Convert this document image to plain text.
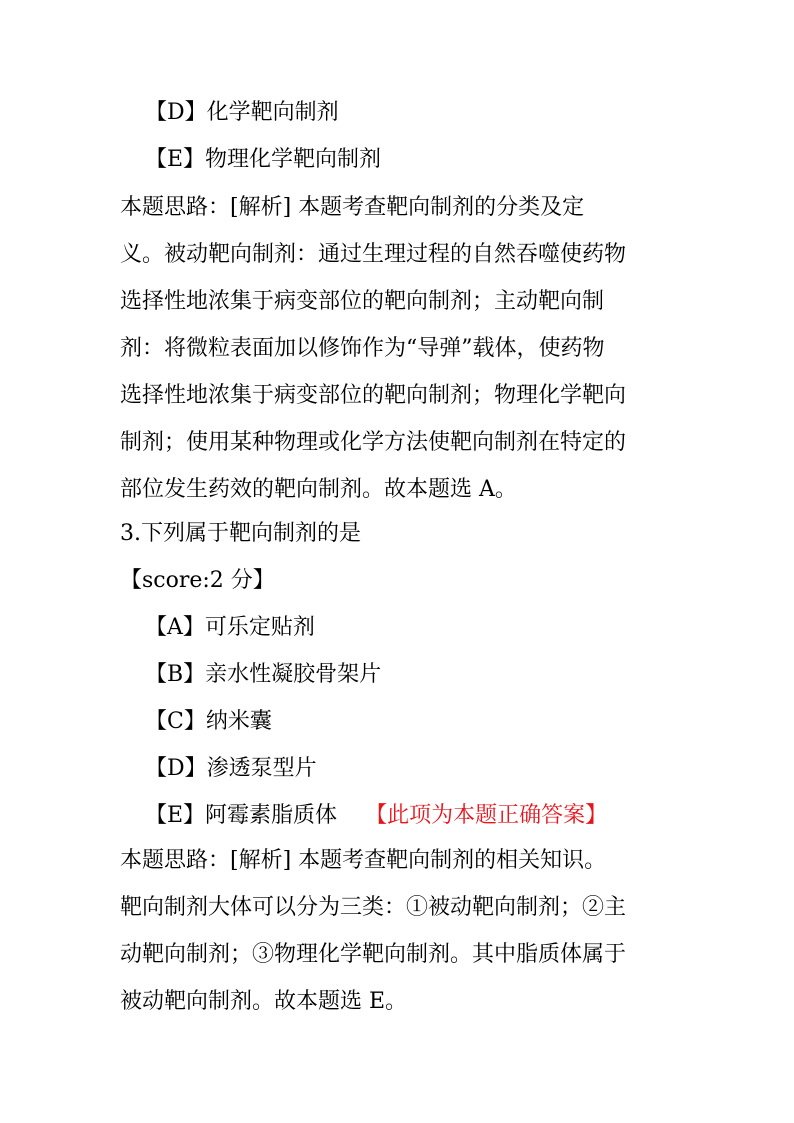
【D】化学靶向制剂
【E】物理化学靶向制剂
本题思路：[解析] 本题考查靶向制剂的分类及定
义。被动靶向制剂：通过生理过程的自然吞噬使药物
选择性地浓集于病变部位的靶向制剂；主动靶向制
剂：将微粒表面加以修饰作为“导弹”载体，使药物
选择性地浓集于病变部位的靶向制剂；物理化学靶向
制剂；使用某种物理或化学方法使靶向制剂在特定的
部位发生药效的靶向制剂。故本题选 A。
3.下列属于靶向制剂的是
【score:2 分】
【A】可乐定贴剂
【B】亲水性凝胶骨架片
【C】纳米囊
【D】渗透泵型片
【E】阿霉素脂质体 【此项为本题正确答案】
本题思路：[解析] 本题考查靶向制剂的相关知识。
靶向制剂大体可以分为三类：①被动靶向制剂；②主
动靶向制剂；③物理化学靶向制剂。其中脂质体属于
被动靶向制剂。故本题选 E。
